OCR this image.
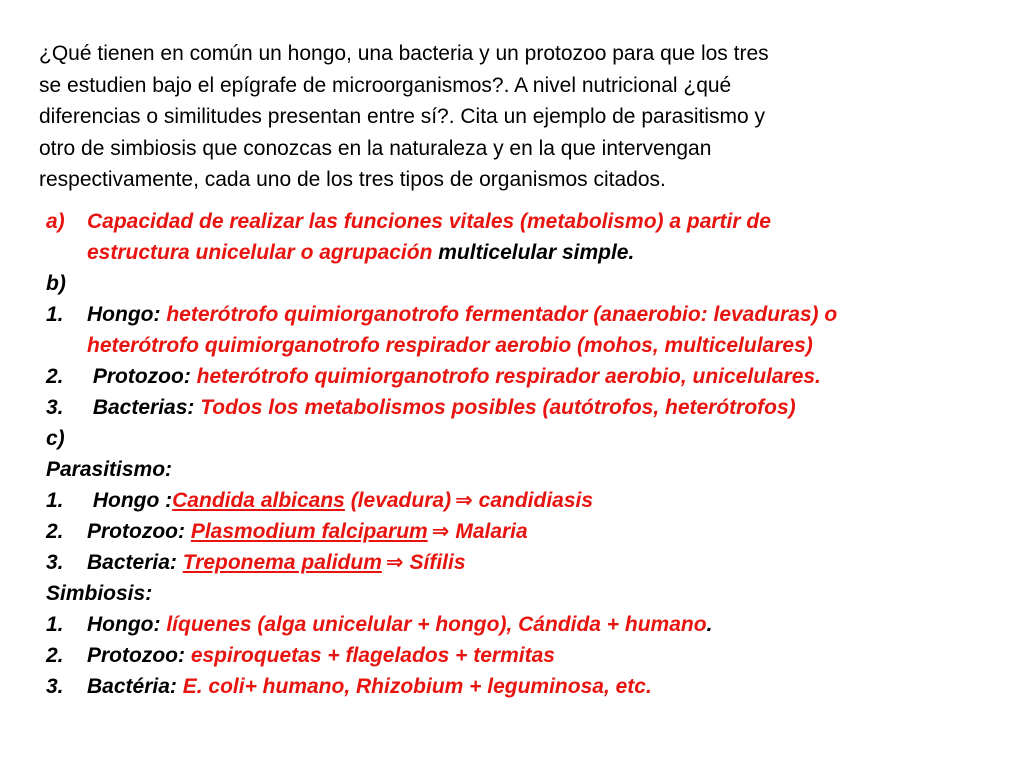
¿Qué tienen en común un hongo, una bacteria y un protozoo para que los tres
se estudien bajo el epígrafe de microorganismos?. A nivel nutricional ¿qué
diferencias o similitudes presentan entre sí?. Cita un ejemplo de parasitismo y
otro de simbiosis que conozcas en la naturaleza y en la que intervengan
respectivamente, cada uno de los tres tipos de organismos citados.
a) Capacidad de realizar las funciones vitales (metabolismo) a partir de
estructura unicelular o agrupación multicelular simple.
b)
1. Hongo: heterótrofo quimiorganotrofo fermentador (anaerobio: levaduras) o
heterótrofo quimiorganotrofo respirador aerobio (mohos, multicelulares)
2. Protozoo: heterótrofo quimiorganotrofo respirador aerobio, unicelulares.
3. Bacterias: Todos los metabolismos posibles (autótrofos, heterótrofos)
c)
Parasitismo:
1. Hongo :Candida albicans (levadura) ⇒ candidiasis
2. Protozoo: Plasmodium falciparum ⇒ Malaria
3. Bacteria: Treponema palidum ⇒ Sífilis
Simbiosis:
1. Hongo: líquenes (alga unicelular + hongo), Cándida + humano.
2. Protozoo: espiroquetas + flagelados + termitas
3. Bactéria: E. coli+ humano, Rhizobium + leguminosa, etc.
